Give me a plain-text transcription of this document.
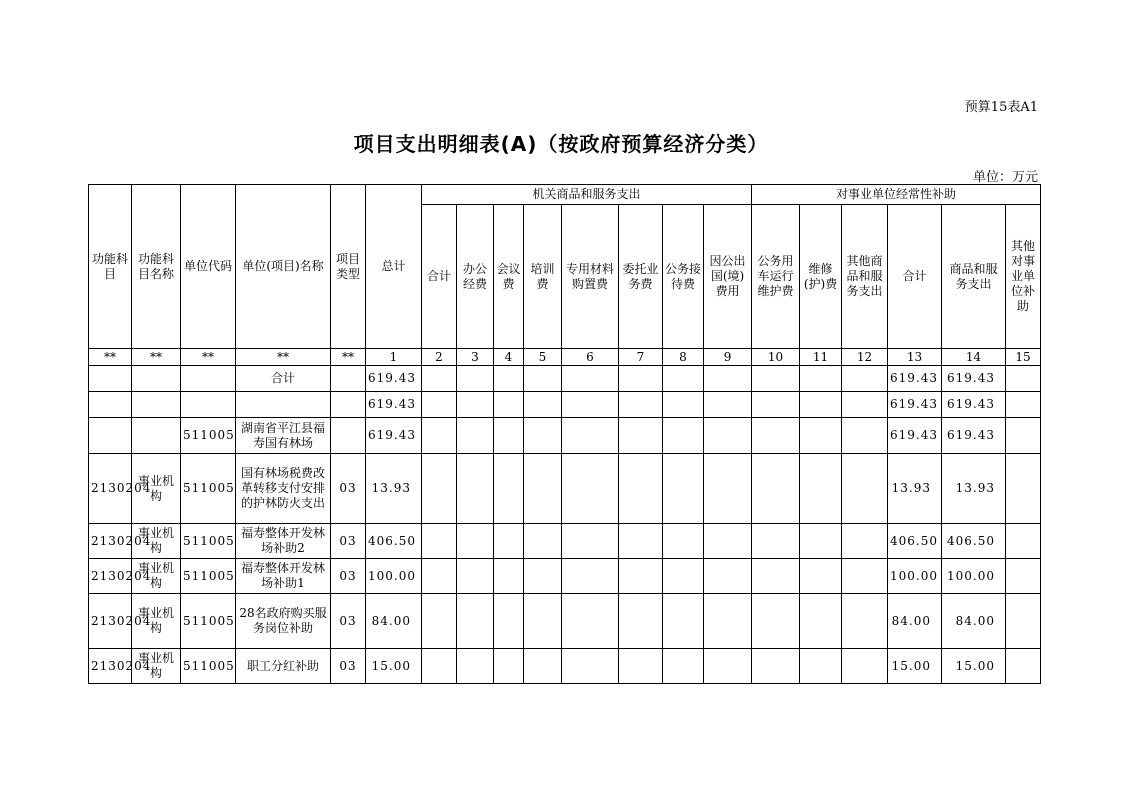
预算15表A1
项目支出明细表(A)（按政府预算经济分类）
单位：万元
功能科目	功能科目名称	单位代码	单位(项目)名称	项目类型	总计	机关商品和服务支出								对事业单位经常性补助					
						合计	办公经费	会议费	培训费	专用材料购置费	委托业务费	公务接待费	因公出国(境)费用	公务用车运行维护费	维修(护)费	其他商品和服务支出	合计	商品和服务支出	其他对事业单位补助
**	**	**	**	**	1	2	3	4	5	6	7	8	9	10	11	12	13	14	15
			合计		619.43												619.43	619.43	
					619.43												619.43	619.43	
		511005	湖南省平江县福寿国有林场		619.43												619.43	619.43	
2130204	事业机构	511005	国有林场税费改革转移支付安排的护林防火支出	03	13.93												13.93	13.93	
2130204	事业机构	511005	福寿整体开发林场补助2	03	406.50												406.50	406.50	
2130204	事业机构	511005	福寿整体开发林场补助1	03	100.00												100.00	100.00	
2130204	事业机构	511005	28名政府购买服务岗位补助	03	84.00												84.00	84.00	
2130204	事业机构	511005	职工分红补助	03	15.00												15.00	15.00	
